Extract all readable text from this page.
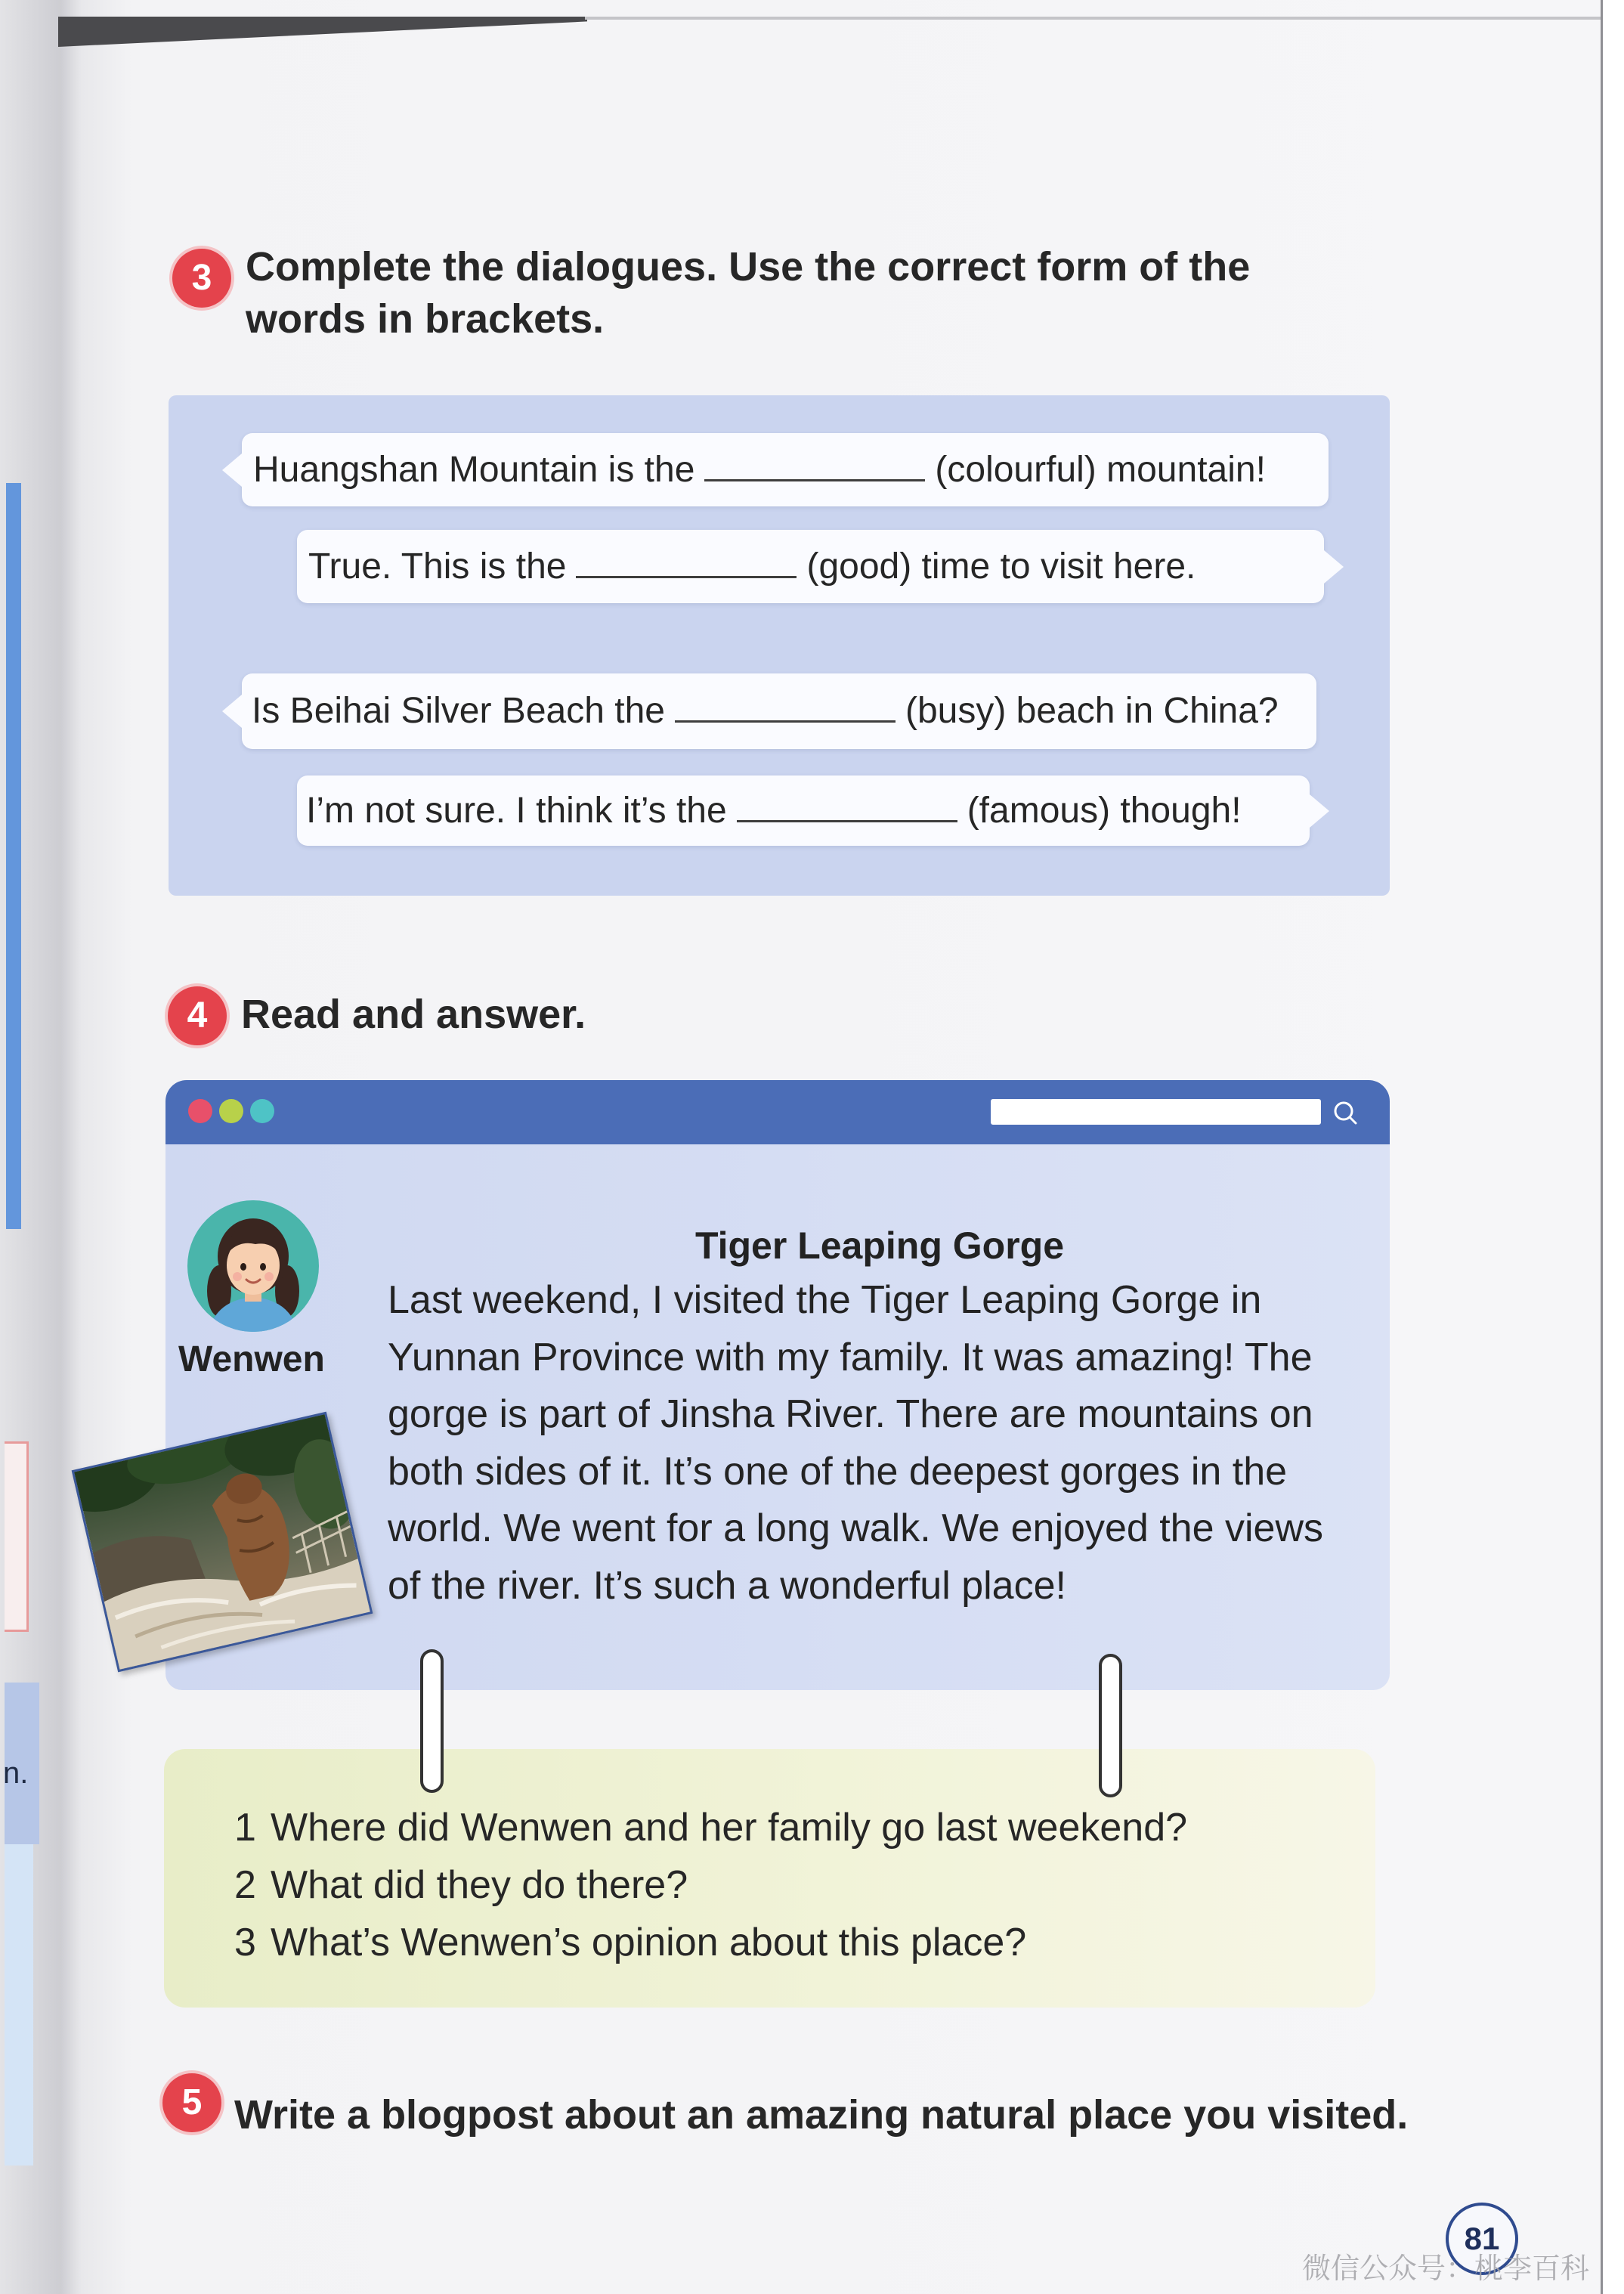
n.
3 Complete the dialogues. Use the correct form of the
words in brackets.
Huangshan Mountain is the	(colourful) mountain!
True. This is the	(good) time to visit here.
Is Beihai Silver Beach the	(busy) beach in China?
I’m not sure. I think it’s the	(famous) though!
4 Read and answer.
Wenwen
Tiger Leaping Gorge
Last weekend, I visited the Tiger Leaping Gorge in
Yunnan Province with my family. It was amazing! The
gorge is part of Jinsha River. There are mountains on
both sides of it. It’s one of the deepest gorges in the
world. We went for a long walk. We enjoyed the views
of the river. It’s such a wonderful place!
1 Where did Wenwen and her family go last weekend?
2 What did they do there?
3 What’s Wenwen’s opinion about this place?
5 Write a blogpost about an amazing natural place you visited.
81
微信公众号：桃李百科
